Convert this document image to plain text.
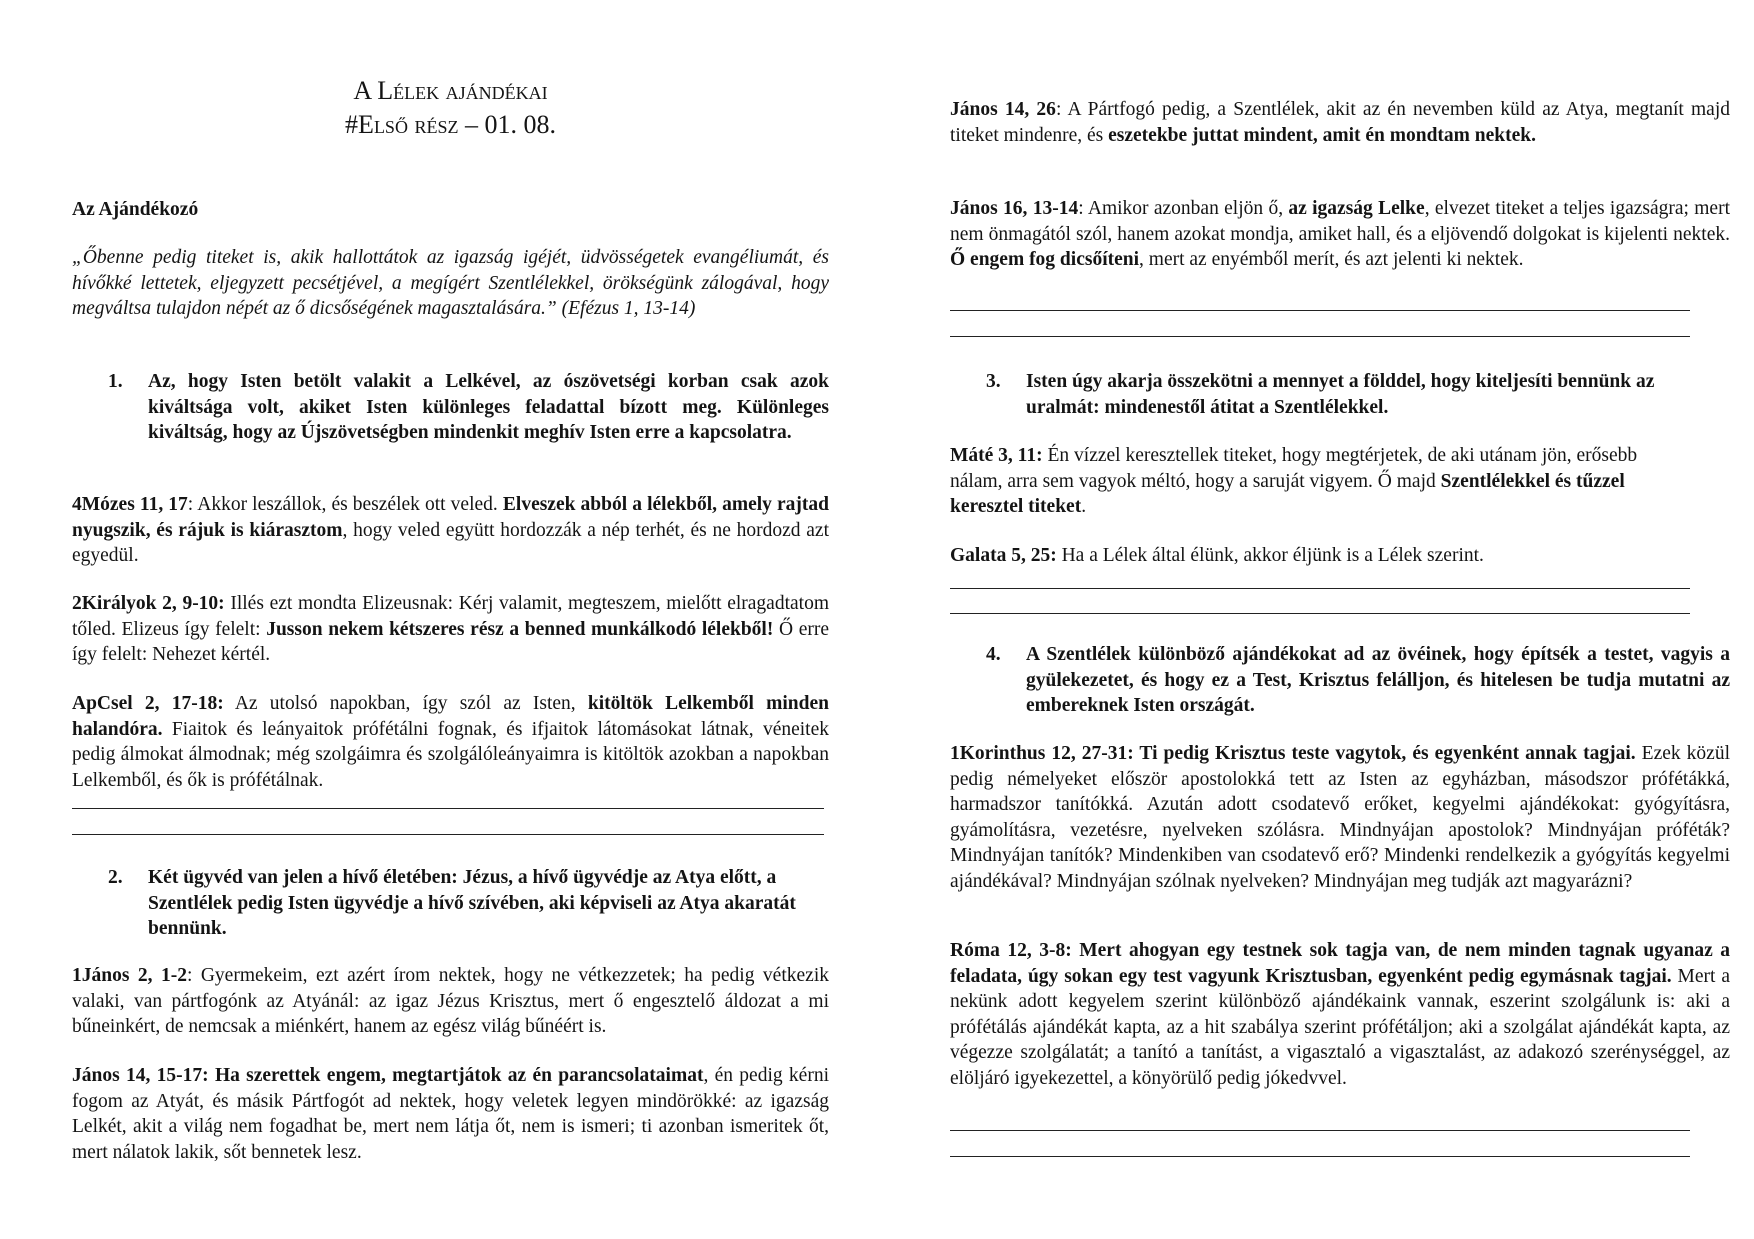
A Lélek ajándékai
#Első rész – 01. 08.
Az Ajándékozó
„Őbenne pedig titeket is, akik hallottátok az igazság igéjét, üdvösségetek evangéliumát, és hívőkké lettetek, eljegyzett pecsétjével, a megígért Szentlélekkel, örökségünk zálogával, hogy megváltsa tulajdon népét az ő dicsőségének magasztalására.” (Efézus 1, 13-14)
1. Az, hogy Isten betölt valakit a Lelkével, az ószövetségi korban csak azok kiváltsága volt, akiket Isten különleges feladattal bízott meg. Különleges kiváltság, hogy az Újszövetségben mindenkit meghív Isten erre a kapcsolatra.
4Mózes 11, 17: Akkor leszállok, és beszélek ott veled. Elveszek abból a lélekből, amely rajtad nyugszik, és rájuk is kiárasztom, hogy veled együtt hordozzák a nép terhét, és ne hordozd azt egyedül.
2Királyok 2, 9-10: Illés ezt mondta Elizeusnak: Kérj valamit, megteszem, mielőtt elragadtatom tőled. Elizeus így felelt: Jusson nekem kétszeres rész a benned munkálkodó lélekből! Ő erre így felelt: Nehezet kértél.
ApCsel 2, 17-18: Az utolsó napokban, így szól az Isten, kitöltök Lelkemből minden halandóra. Fiaitok és leányaitok prófétálni fognak, és ifjaitok látomásokat látnak, véneitek pedig álmokat álmodnak; még szolgáimra és szolgálóleányaimra is kitöltök azokban a napokban Lelkemből, és ők is prófétálnak.
2. Két ügyvéd van jelen a hívő életében: Jézus, a hívő ügyvédje az Atya előtt, a Szentlélek pedig Isten ügyvédje a hívő szívében, aki képviseli az Atya akaratát bennünk.
1János 2, 1-2: Gyermekeim, ezt azért írom nektek, hogy ne vétkezzetek; ha pedig vétkezik valaki, van pártfogónk az Atyánál: az igaz Jézus Krisztus, mert ő engesztelő áldozat a mi bűneinkért, de nemcsak a miénkért, hanem az egész világ bűnéért is.
János 14, 15-17: Ha szerettek engem, megtartjátok az én parancsolataimat, én pedig kérni fogom az Atyát, és másik Pártfogót ad nektek, hogy veletek legyen mindörökké: az igazság Lelkét, akit a világ nem fogadhat be, mert nem látja őt, nem is ismeri; ti azonban ismeritek őt, mert nálatok lakik, sőt bennetek lesz.
János 14, 26: A Pártfogó pedig, a Szentlélek, akit az én nevemben küld az Atya, megtanít majd titeket mindenre, és eszetekbe juttat mindent, amit én mondtam nektek.
János 16, 13-14: Amikor azonban eljön ő, az igazság Lelke, elvezet titeket a teljes igazságra; mert nem önmagától szól, hanem azokat mondja, amiket hall, és a eljövendő dolgokat is kijelenti nektek. Ő engem fog dicsőíteni, mert az enyémből merít, és azt jelenti ki nektek.
3. Isten úgy akarja összekötni a mennyet a földdel, hogy kiteljesíti bennünk az uralmát: mindenestől átitat a Szentlélekkel.
Máté 3, 11: Én vízzel keresztellek titeket, hogy megtérjetek, de aki utánam jön, erősebb nálam, arra sem vagyok méltó, hogy a saruját vigyem. Ő majd Szentlélekkel és tűzzel keresztel titeket.
Galata 5, 25: Ha a Lélek által élünk, akkor éljünk is a Lélek szerint.
4. A Szentlélek különböző ajándékokat ad az övéinek, hogy építsék a testet, vagyis a gyülekezetet, és hogy ez a Test, Krisztus felálljon, és hitelesen be tudja mutatni az embereknek Isten országát.
1Korinthus 12, 27-31: Ti pedig Krisztus teste vagytok, és egyenként annak tagjai. Ezek közül pedig némelyeket először apostolokká tett az Isten az egyházban, másodszor prófétákká, harmadszor tanítókká. Azután adott csodatevő erőket, kegyelmi ajándékokat: gyógyításra, gyámolításra, vezetésre, nyelveken szólásra. Mindnyájan apostolok? Mindnyájan próféták? Mindnyájan tanítók? Mindenkiben van csodatevő erő? Mindenki rendelkezik a gyógyítás kegyelmi ajándékával? Mindnyájan szólnak nyelveken? Mindnyájan meg tudják azt magyarázni?
Róma 12, 3-8: Mert ahogyan egy testnek sok tagja van, de nem minden tagnak ugyanaz a feladata, úgy sokan egy test vagyunk Krisztusban, egyenként pedig egymásnak tagjai. Mert a nekünk adott kegyelem szerint különböző ajándékaink vannak, eszerint szolgálunk is: aki a prófétálás ajándékát kapta, az a hit szabálya szerint prófétáljon; aki a szolgálat ajándékát kapta, az végezze szolgálatát; a tanító a tanítást, a vigasztaló a vigasztalást, az adakozó szerénységgel, az elöljáró igyekezettel, a könyörülő pedig jókedvvel.
